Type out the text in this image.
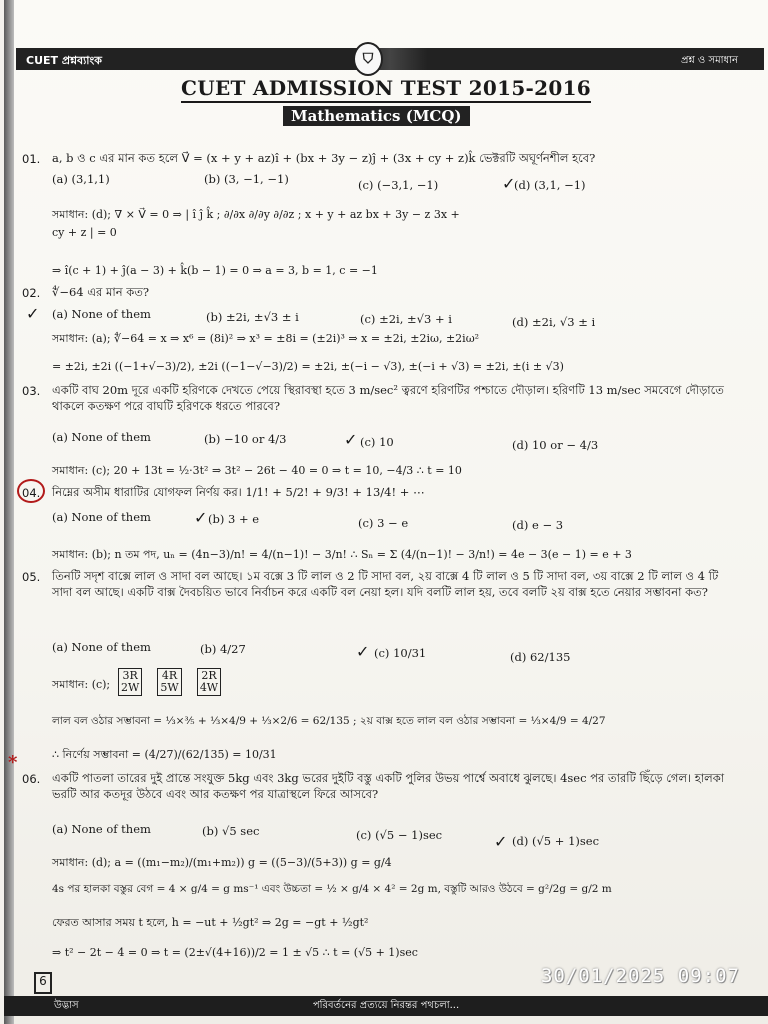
CUET প্রশ্নব্যাংক	প্রশ্ন ও সমাধান
⛉
CUET ADMISSION TEST 2015-2016
Mathematics (MCQ)
01. a, b ও c এর মান কত হলে V⃗ = (x + y + az)î + (bx + 3y − z)ĵ + (3x + cy + z)k̂ ভেক্টরটি অঘূর্ণনশীল হবে?
(a) (3,1,1)	(b) (3, −1, −1)	(c) (−3,1, −1)	(d) (3,1, −1)
✓
সমাধান: (d); ∇ × V⃗ = 0 ⇒ | î ĵ k̂ ; ∂/∂x ∂/∂y ∂/∂z ; x + y + az bx + 3y − z 3x + cy + z | = 0
⇒ î(c + 1) + ĵ(a − 3) + k̂(b − 1) = 0 ⇒ a = 3, b = 1, c = −1
02. ∜−64 এর মান কত?
(a) None of them
✓	(b) ±2i, ±√3 ± i	(c) ±2i, ±√3 + i	(d) ±2i, √3 ± i
সমাধান: (a); ∜−64 = x ⇒ x⁶ = (8i)² ⇒ x³ = ±8i = (±2i)³ ⇒ x = ±2i, ±2iω, ±2iω²
= ±2i, ±2i ((−1+√−3)/2), ±2i ((−1−√−3)/2) = ±2i, ±(−i − √3), ±(−i + √3) = ±2i, ±(i ± √3)
03. একটি বাঘ 20m দূরে একটি হরিণকে দেখতে পেয়ে স্থিরাবস্থা হতে 3 m/sec² ত্বরণে হরিণটির পশ্চাতে দৌড়াল। হরিণটি 13 m/sec সমবেগে দৌড়াতে থাকলে কতক্ষণ পরে বাঘটি হরিণকে ধরতে পারবে?
(a) None of them	(b) −10 or 4/3	✓ (c) 10	(d) 10 or − 4/3
সমাধান: (c); 20 + 13t = ½·3t² ⇒ 3t² − 26t − 40 = 0 ⇒ t = 10, −4/3 ∴ t = 10
04. নিম্নের অসীম ধারাটির যোগফল নির্ণয় কর। 1/1! + 5/2! + 9/3! + 13/4! + ⋯
(a) None of them	✓ (b) 3 + e	(c) 3 − e	(d) e − 3
সমাধান: (b); n তম পদ, uₙ = (4n−3)/n! = 4/(n−1)! − 3/n! ∴ Sₙ = Σ (4/(n−1)! − 3/n!) = 4e − 3(e − 1) = e + 3
05. তিনটি সদৃশ বাক্সে লাল ও সাদা বল আছে। ১ম বক্সে 3 টি লাল ও 2 টি সাদা বল, ২য় বাক্সে 4 টি লাল ও 5 টি সাদা বল, ৩য় বাক্সে 2 টি লাল ও 4 টি সাদা বল আছে। একটি বাক্স দৈবচয়িত ভাবে নির্বাচন করে একটি বল নেয়া হল। যদি বলটি লাল হয়, তবে বলটি ২য় বাক্স হতে নেয়ার সম্ভাবনা কত?
(a) None of them	(b) 4/27	✓ (c) 10/31	(d) 62/135
সমাধান: (c);
3R
2W 4R
5W 2R
4W
লাল বল ওঠার সম্ভাবনা = ⅓×⅗ + ⅓×4/9 + ⅓×2/6 = 62/135 ; ২য় বাক্স হতে লাল বল ওঠার সম্ভাবনা = ⅓×4/9 = 4/27
*	∴ নির্ণেয় সম্ভাবনা = (4/27)/(62/135) = 10/31
06. একটি পাতলা তারের দুই প্রান্তে সংযুক্ত 5kg এবং 3kg ভরের দুইটি বস্তু একটি পুলির উভয় পার্শ্বে অবাধে ঝুলছে। 4sec পর তারটি ছিঁড়ে গেল। হালকা ভরটি আর কতদূর উঠবে এবং আর কতক্ষণ পর যাত্রাস্থলে ফিরে আসবে?
(a) None of them	(b) √5 sec	(c) (√5 − 1)sec	✓ (d) (√5 + 1)sec
সমাধান: (d); a = ((m₁−m₂)/(m₁+m₂)) g = ((5−3)/(5+3)) g = g/4
4s পর হালকা বস্তুর বেগ = 4 × g/4 = g ms⁻¹ এবং উচ্চতা = ½ × g/4 × 4² = 2g m, বস্তুটি আরও উঠবে = g²/2g = g/2 m
ফেরত আসার সময় t হলে, h = −ut + ½gt² ⇒ 2g = −gt + ½gt²
⇒ t² − 2t − 4 = 0 ⇒ t = (2±√(4+16))/2 = 1 ± √5 ∴ t = (√5 + 1)sec
30/01/2025 09:07
6
উদ্ভাস	পরিবর্তনের প্রত্যয়ে নিরন্তর পথচলা...
